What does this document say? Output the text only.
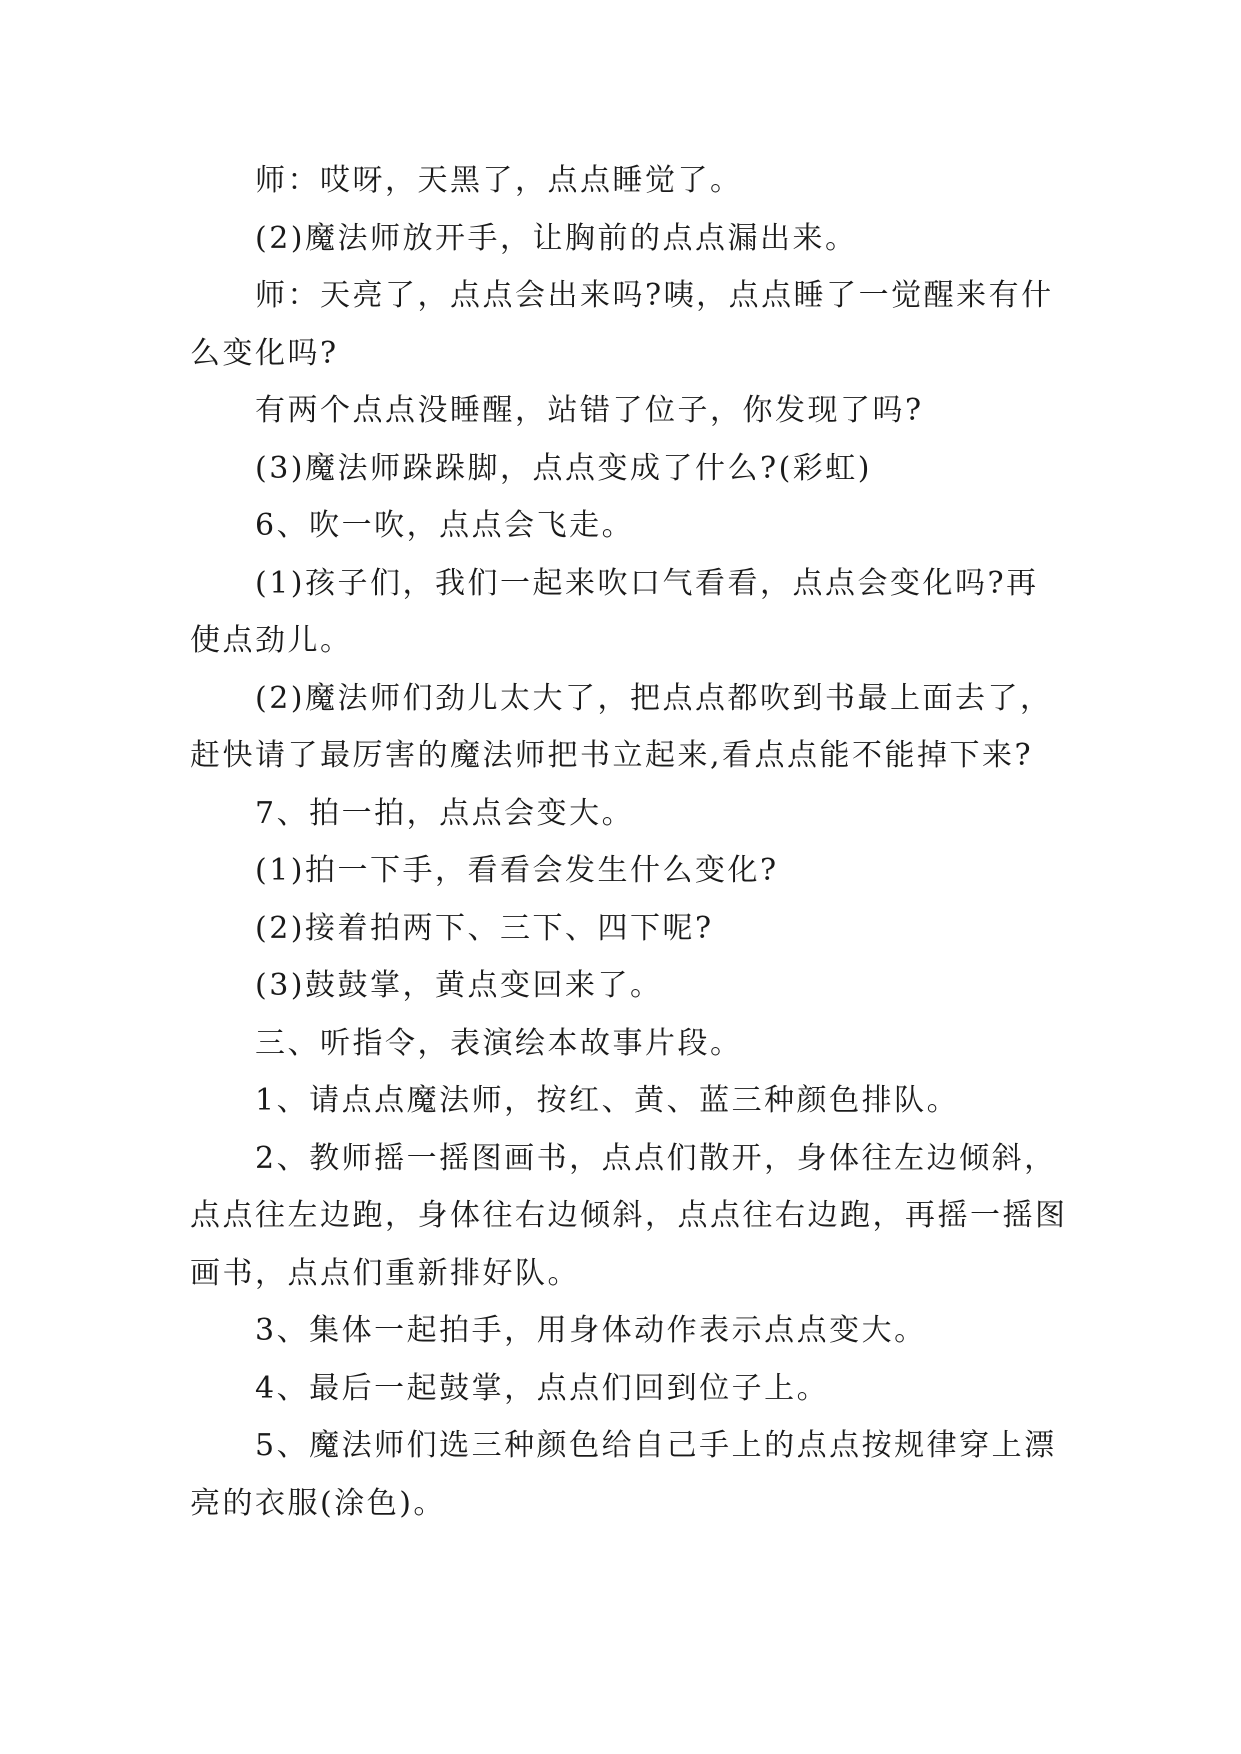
师：哎呀，天黑了，点点睡觉了。

(2)魔法师放开手，让胸前的点点漏出来。

师：天亮了，点点会出来吗?咦，点点睡了一觉醒来有什么变化吗?

有两个点点没睡醒，站错了位子，你发现了吗?

(3)魔法师跺跺脚，点点变成了什么?(彩虹)

6、吹一吹，点点会飞走。

(1)孩子们，我们一起来吹口气看看，点点会变化吗?再使点劲儿。

(2)魔法师们劲儿太大了，把点点都吹到书最上面去了，赶快请了最厉害的魔法师把书立起来,看点点能不能掉下来?

7、拍一拍，点点会变大。

(1)拍一下手，看看会发生什么变化?

(2)接着拍两下、三下、四下呢?

(3)鼓鼓掌，黄点变回来了。

三、听指令，表演绘本故事片段。

1、请点点魔法师，按红、黄、蓝三种颜色排队。

2、教师摇一摇图画书，点点们散开，身体往左边倾斜，点点往左边跑，身体往右边倾斜，点点往右边跑，再摇一摇图画书，点点们重新排好队。

3、集体一起拍手，用身体动作表示点点变大。

4、最后一起鼓掌，点点们回到位子上。

5、魔法师们选三种颜色给自己手上的点点按规律穿上漂亮的衣服(涂色)。
